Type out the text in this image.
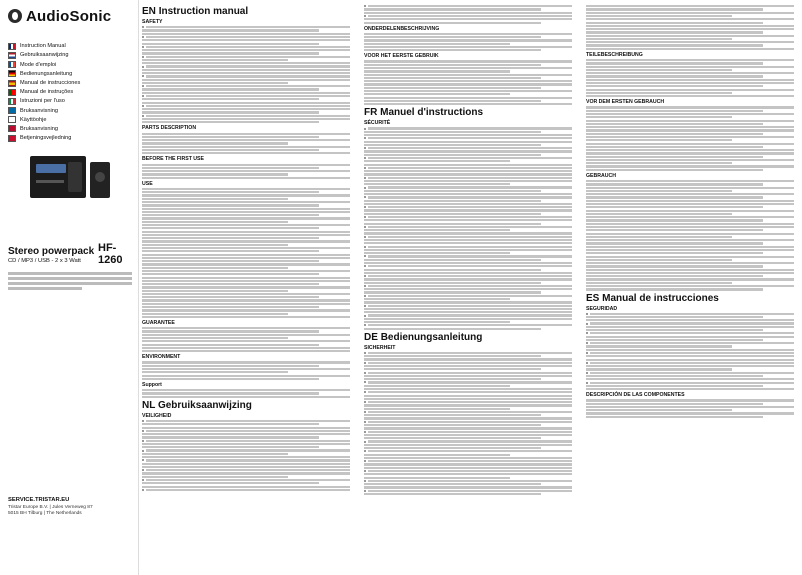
AudioSonic
Instruction Manual
Gebruiksaanwijzing
Mode d'emploi
Bedienungsanleitung
Manual de instrucciones
Manual de instruções
Istruzioni per l'uso
Bruksanvisning
Käyttöohje
Bruksanvisning
Betjeningsvejledning
Stereo powerpack HF-1260
CD / MP3 / USB - 2 x 3 Watt
SERVICE.TRISTAR.EU
Tristar Europe B.V. | Jules Verneweg 87
5015 BH Tilburg | The Netherlands
EN Instruction manual
SAFETY
PARTS DESCRIPTION
BEFORE THE FIRST USE
USE
GUARANTEE
ENVIRONMENT
Support
NL Gebruiksaanwijzing
VEILIGHEID
ONDERDELENBESCHRIJVING
VOOR HET EERSTE GEBRUIK
FR Manuel d'instructions
SÉCURITÉ
DE Bedienungsanleitung
SICHERHEIT
TEILEBESCHREIBUNG
VOR DEM ERSTEN GEBRAUCH
GEBRAUCH
ES Manual de instrucciones
SEGURIDAD
DESCRIPCIÓN DE LAS COMPONENTES
